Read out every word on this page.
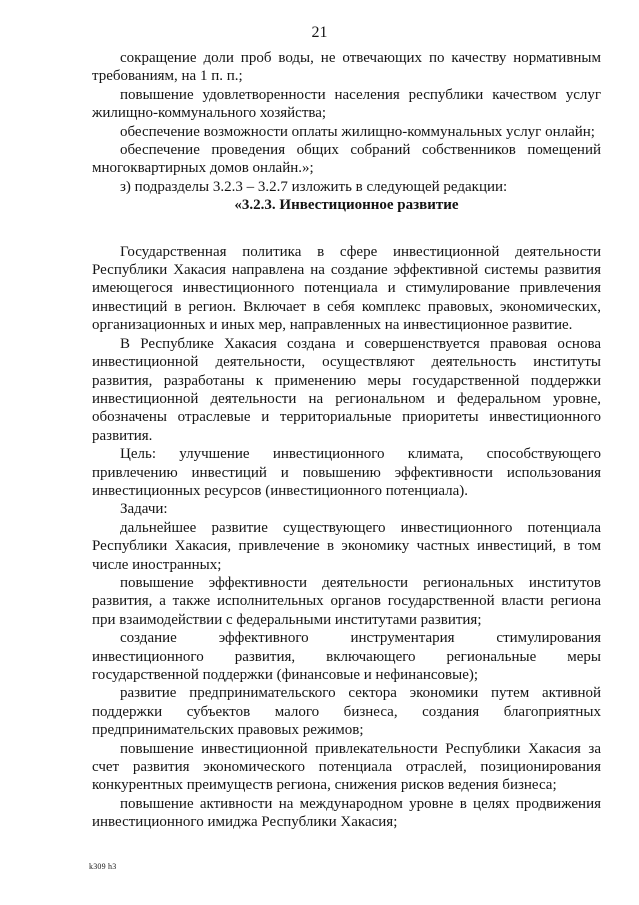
21

сокращение доли проб воды, не отвечающих по качеству нормативным требованиям, на 1 п. п.;

повышение удовлетворенности населения республики качеством услуг жилищно-коммунального хозяйства;

обеспечение возможности оплаты жилищно-коммунальных услуг онлайн;

обеспечение проведения общих собраний собственников помещений многоквартирных домов онлайн.»;

з) подразделы 3.2.3 – 3.2.7 изложить в следующей редакции:

«3.2.3. Инвестиционное развитие

Государственная политика в сфере инвестиционной деятельности Республики Хакасия направлена на создание эффективной системы развития имеющегося инвестиционного потенциала и стимулирование привлечения инвестиций в регион. Включает в себя комплекс правовых, экономических, организационных и иных мер, направленных на инвестиционное развитие.

В Республике Хакасия создана и совершенствуется правовая основа инвестиционной деятельности, осуществляют деятельность институты развития, разработаны к применению меры государственной поддержки инвестиционной деятельности на региональном и федеральном уровне, обозначены отраслевые и территориальные приоритеты инвестиционного развития.

Цель: улучшение инвестиционного климата, способствующего привлечению инвестиций и повышению эффективности использования инвестиционных ресурсов (инвестиционного потенциала).

Задачи:

дальнейшее развитие существующего инвестиционного потенциала Республики Хакасия, привлечение в экономику частных инвестиций, в том числе иностранных;

повышение эффективности деятельности региональных институтов развития, а также исполнительных органов государственной власти региона при взаимодействии с федеральными институтами развития;

создание эффективного инструментария стимулирования инвестиционного развития, включающего региональные меры государственной поддержки (финансовые и нефинансовые);

развитие предпринимательского сектора экономики путем активной поддержки субъектов малого бизнеса, создания благоприятных предпринимательских правовых режимов;

повышение инвестиционной привлекательности Республики Хакасия за счет развития экономического потенциала отраслей, позиционирования конкурентных преимуществ региона, снижения рисков ведения бизнеса;

повышение активности на международном уровне в целях продвижения инвестиционного имиджа Республики Хакасия;

k309 h3
